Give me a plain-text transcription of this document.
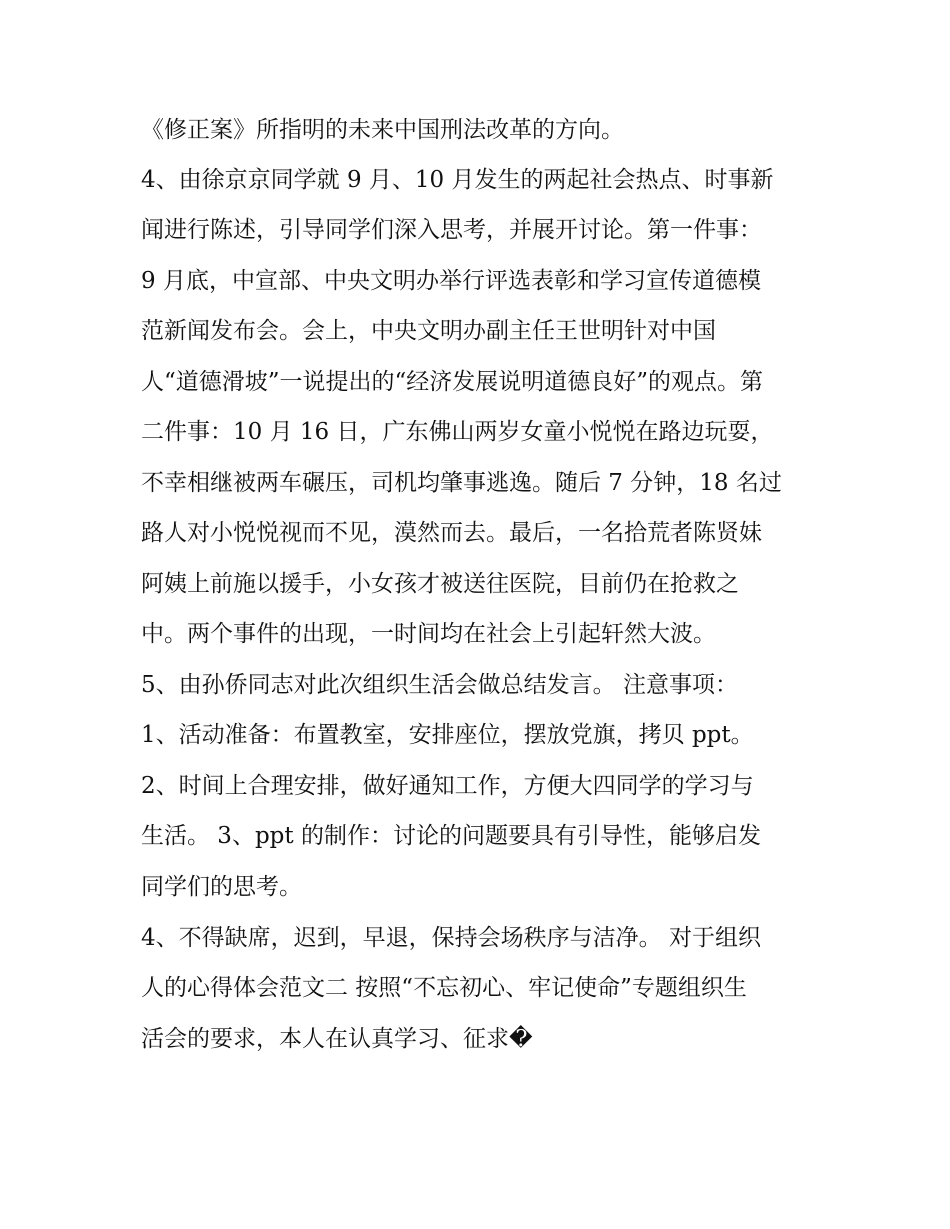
《修正案》所指明的未来中国刑法改革的方向。

4、由徐京京同学就 9 月、10 月发生的两起社会热点、时事新

闻进行陈述，引导同学们深入思考，并展开讨论。第一件事：

9 月底，中宣部、中央文明办举行评选表彰和学习宣传道德模

范新闻发布会。会上，中央文明办副主任王世明针对中国

人“道德滑坡”一说提出的“经济发展说明道德良好”的观点。第

二件事：10 月 16 日，广东佛山两岁女童小悦悦在路边玩耍，

不幸相继被两车碾压，司机均肇事逃逸。随后 7 分钟，18 名过

路人对小悦悦视而不见，漠然而去。最后，一名拾荒者陈贤妹

阿姨上前施以援手，小女孩才被送往医院，目前仍在抢救之

中。两个事件的出现，一时间均在社会上引起轩然大波。

5、由孙侨同志对此次组织生活会做总结发言。 注意事项：

1、活动准备：布置教室，安排座位，摆放党旗，拷贝 ppt。

2、时间上合理安排，做好通知工作，方便大四同学的学习与

生活。 3、ppt 的制作：讨论的问题要具有引导性，能够启发

同学们的思考。

4、不得缺席，迟到，早退，保持会场秩序与洁净。 对于组织

人的心得体会范文二 按照“不忘初心、牢记使命”专题组织生

活会的要求，本人在认真学习、征求�
